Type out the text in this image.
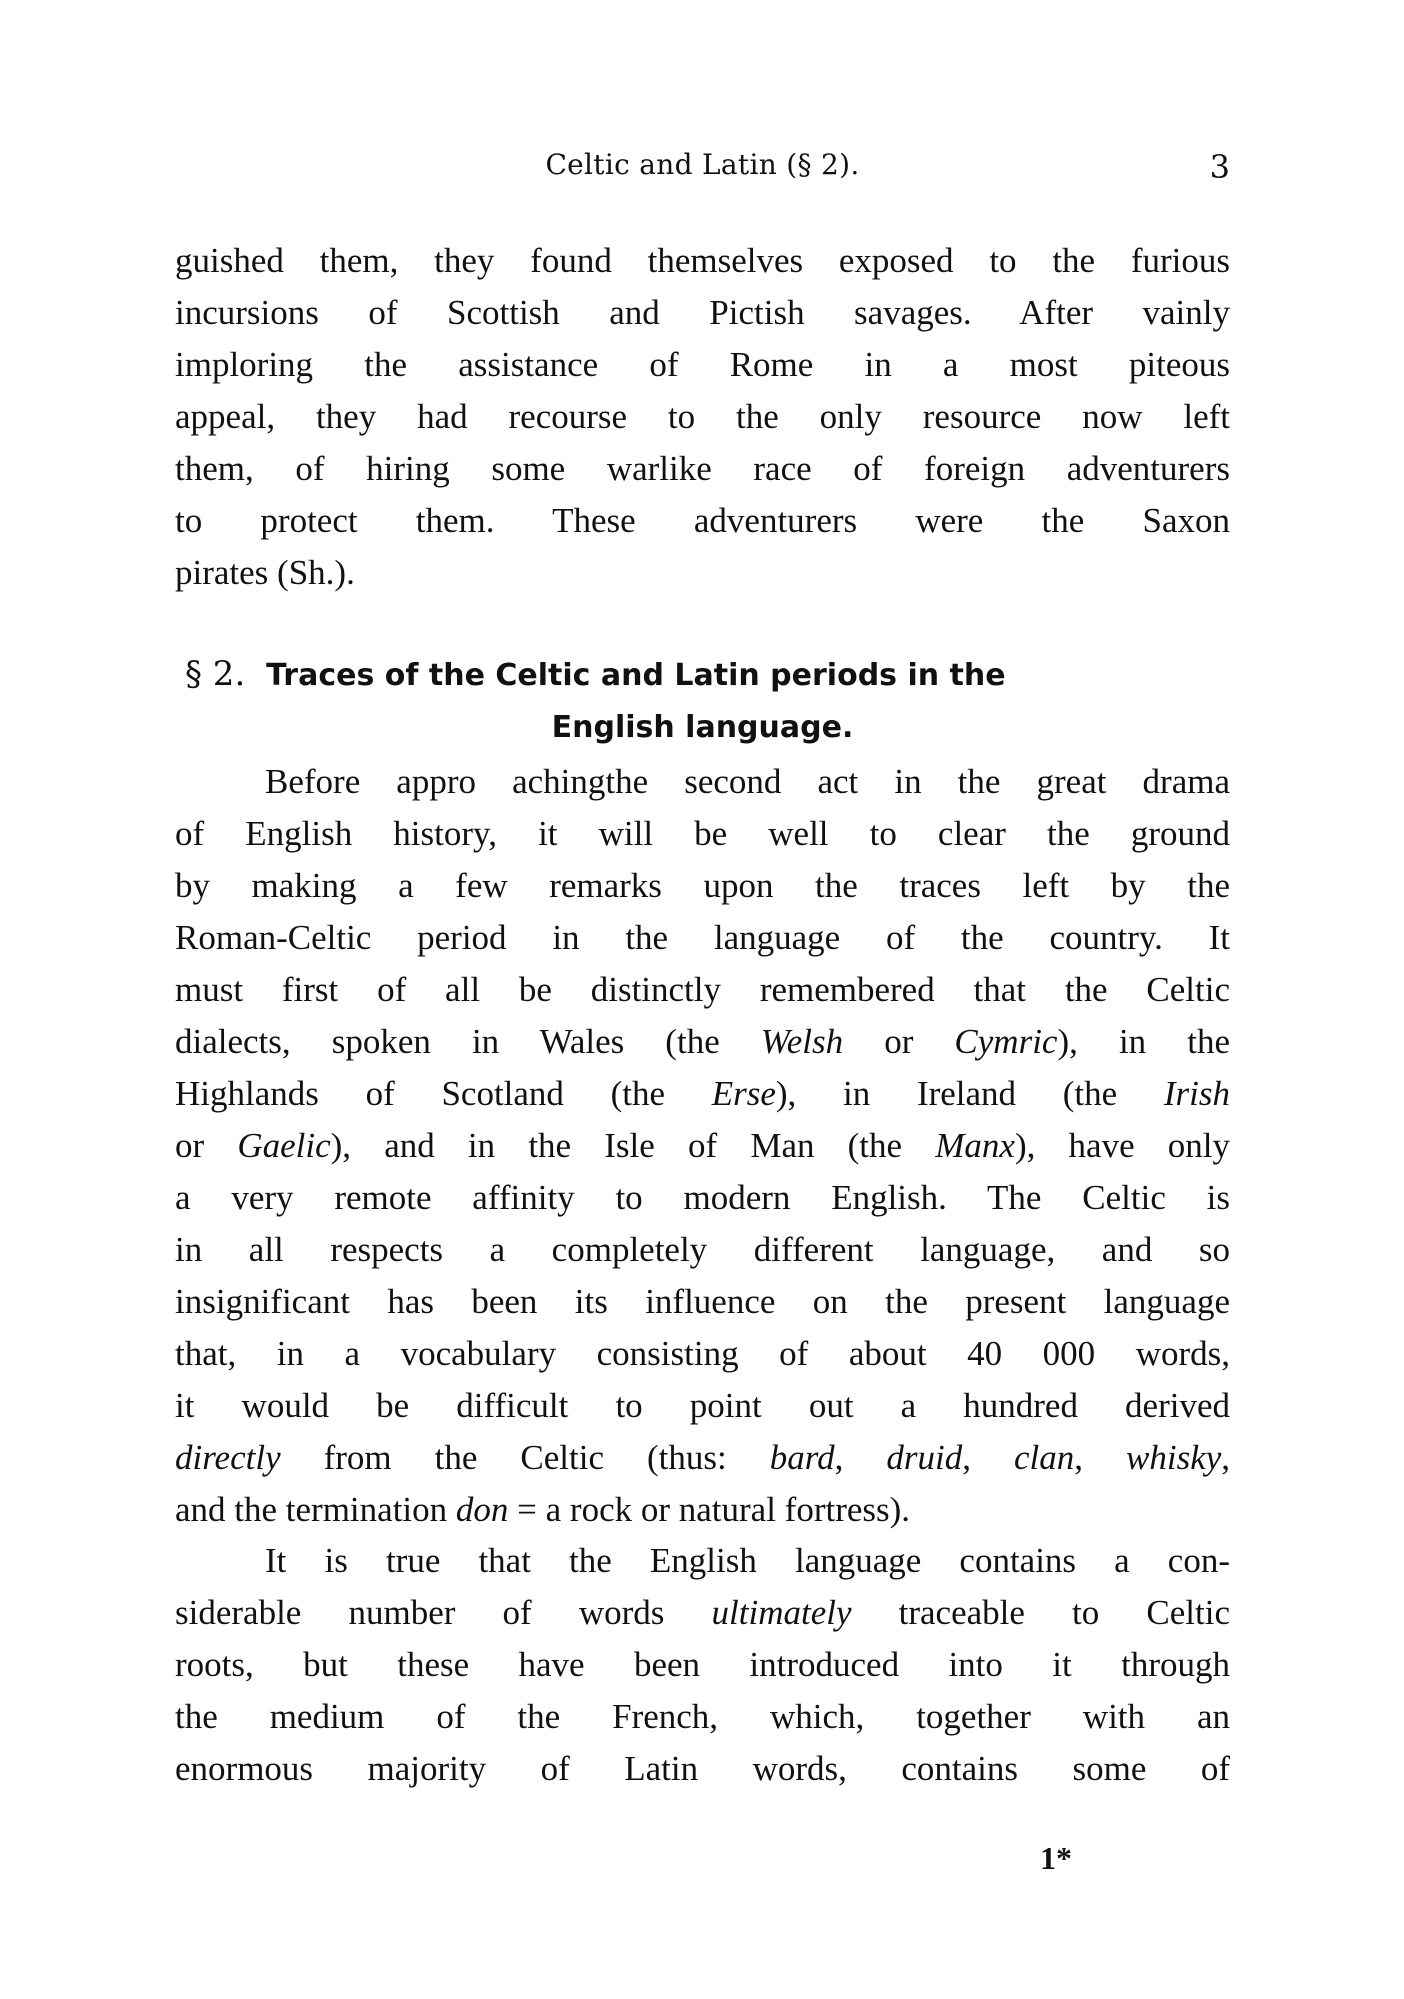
Celtic and Latin (§ 2).	3
guished them, they found themselves exposed to the furious
incursions of Scottish and Pictish savages. After vainly
imploring the assistance of Rome in a most piteous
appeal, they had recourse to the only resource now left
them, of hiring some warlike race of foreign adventurers
to protect them. These adventurers were the Saxon
pirates (Sh.).
§ 2. Traces of the Celtic and Latin periods in the
English language.
Before appro achingthe second act in the great drama
of English history, it will be well to clear the ground
by making a few remarks upon the traces left by the
Roman-Celtic period in the language of the country. It
must first of all be distinctly remembered that the Celtic
dialects, spoken in Wales (the Welsh or Cymric), in the
Highlands of Scotland (the Erse), in Ireland (the Irish
or Gaelic), and in the Isle of Man (the Manx), have only
a very remote affinity to modern English. The Celtic is
in all respects a completely different language, and so
insignificant has been its influence on the present language
that, in a vocabulary consisting of about 40 000 words,
it would be difficult to point out a hundred derived
directly from the Celtic (thus: bard, druid, clan, whisky,
and the termination don = a rock or natural fortress).
It is true that the English language contains a con-
siderable number of words ultimately traceable to Celtic
roots, but these have been introduced into it through
the medium of the French, which, together with an
enormous majority of Latin words, contains some of
1*
